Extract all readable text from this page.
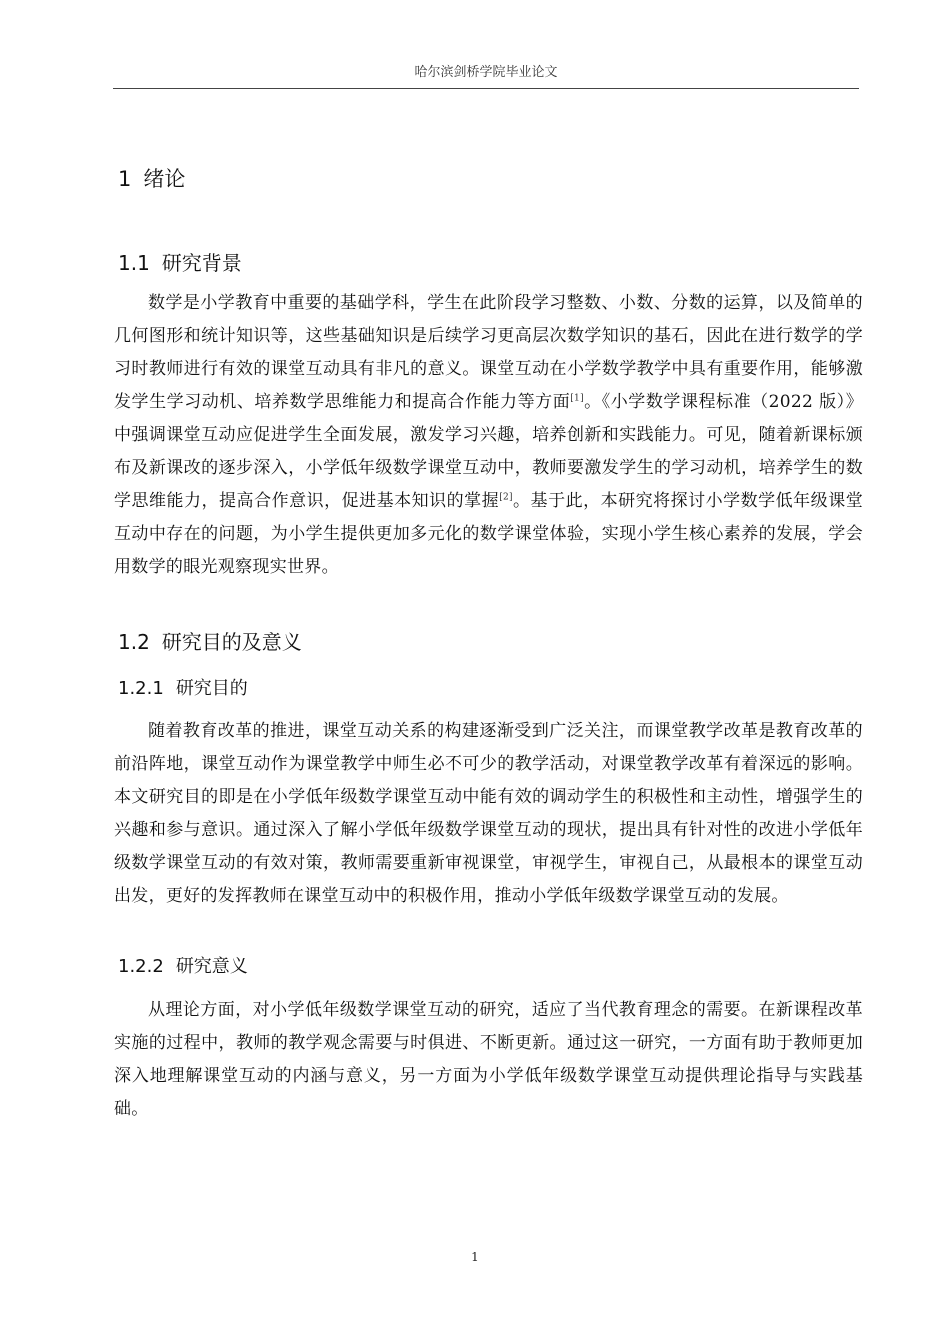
哈尔滨剑桥学院毕业论文
1 绪论
1.1 研究背景

数学是小学教育中重要的基础学科，学生在此阶段学习整数、小数、分数的运算，以及简单的几何图形和统计知识等，这些基础知识是后续学习更高层次数学知识的基石，因此在进行数学的学习时教师进行有效的课堂互动具有非凡的意义。课堂互动在小学数学教学中具有重要作用，能够激发学生学习动机、培养数学思维能力和提高合作能力等方面[1]。《小学数学课程标准（2022 版）》中强调课堂互动应促进学生全面发展，激发学习兴趣，培养创新和实践能力。可见，随着新课标颁布及新课改的逐步深入，小学低年级数学课堂互动中，教师要激发学生的学习动机，培养学生的数学思维能力，提高合作意识，促进基本知识的掌握[2]。基于此，本研究将探讨小学数学低年级课堂互动中存在的问题，为小学生提供更加多元化的数学课堂体验，实现小学生核心素养的发展，学会用数学的眼光观察现实世界。

1.2 研究目的及意义
1.2.1 研究目的

随着教育改革的推进，课堂互动关系的构建逐渐受到广泛关注，而课堂教学改革是教育改革的前沿阵地，课堂互动作为课堂教学中师生必不可少的教学活动，对课堂教学改革有着深远的影响。本文研究目的即是在小学低年级数学课堂互动中能有效的调动学生的积极性和主动性，增强学生的兴趣和参与意识。通过深入了解小学低年级数学课堂互动的现状，提出具有针对性的改进小学低年级数学课堂互动的有效对策，教师需要重新审视课堂，审视学生，审视自己，从最根本的课堂互动出发，更好的发挥教师在课堂互动中的积极作用，推动小学低年级数学课堂互动的发展。

1.2.2 研究意义

从理论方面，对小学低年级数学课堂互动的研究，适应了当代教育理念的需要。在新课程改革实施的过程中，教师的教学观念需要与时俱进、不断更新。通过这一研究，一方面有助于教师更加深入地理解课堂互动的内涵与意义，另一方面为小学低年级数学课堂互动提供理论指导与实践基础。

1
